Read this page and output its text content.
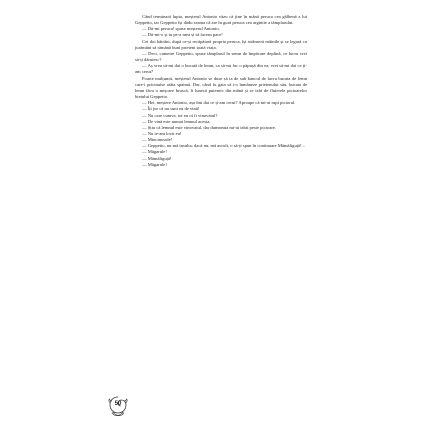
Când terminară lupta, meșterul Antonio văzu că ține în mână peruca cea gălbenă a lui Geppetto, iar Geppetto își dădu seama că are în gură peruca cea argintie a tâmplarului.

— Dă-mi peruca! spuse meșterul Antonio.

— Dă-mi-o și tu pe-a mea și să facem pace!

Cei doi bătrâni, după ce-și recăpătară propria peruca, își strânseră mâinile și se legară cu jurământ să rămână buni prieteni toată viața.

— Deci, cumetre Geppetto, spuse tâmplarul în semn de împăcare deplină, ce lucru vrei să-ți dăruiesc?

— Aș vrea să-mi dai o bucată de lemn, ca să-mi fac o păpușă din ea; vrei să-mi dai ce ți-am cerut?

Foarte mulțumit, meșterul Antonio se duse să ia de sub bancul de lucru bucata de lemn care-i pricinuise atâta spaimă. Dar, când fu gata să i-o înmâneze prietenului său, bucata de lemn făcu o mișcare bruscă, îi lunecă puternic din mână și se izbi de fluierele picioarelor bietului Geppetto.

— Hei, meștere Antonio, așa îmi dai ce ți-am cerut? Aproape că mi-ai rupt piciorul.

— Îți jur că nu sunt eu de vină!

— Nu care cumva, tot eu oi fi vinovatul?

— De vină este numai lemnul acesta.

— Știu că lemnul este vinovatul, dar dumneata mi-ai izbit peste picioare.

— Nu te-am lovit eu!

— Mincinosule!

— Geppetto, nu mă insulta; dacă nu, mă ascult, o să-ți spun în continuare Mămăliguță!...

— Măgarule!

— Mămăliguță!

— Măgarule!

50
